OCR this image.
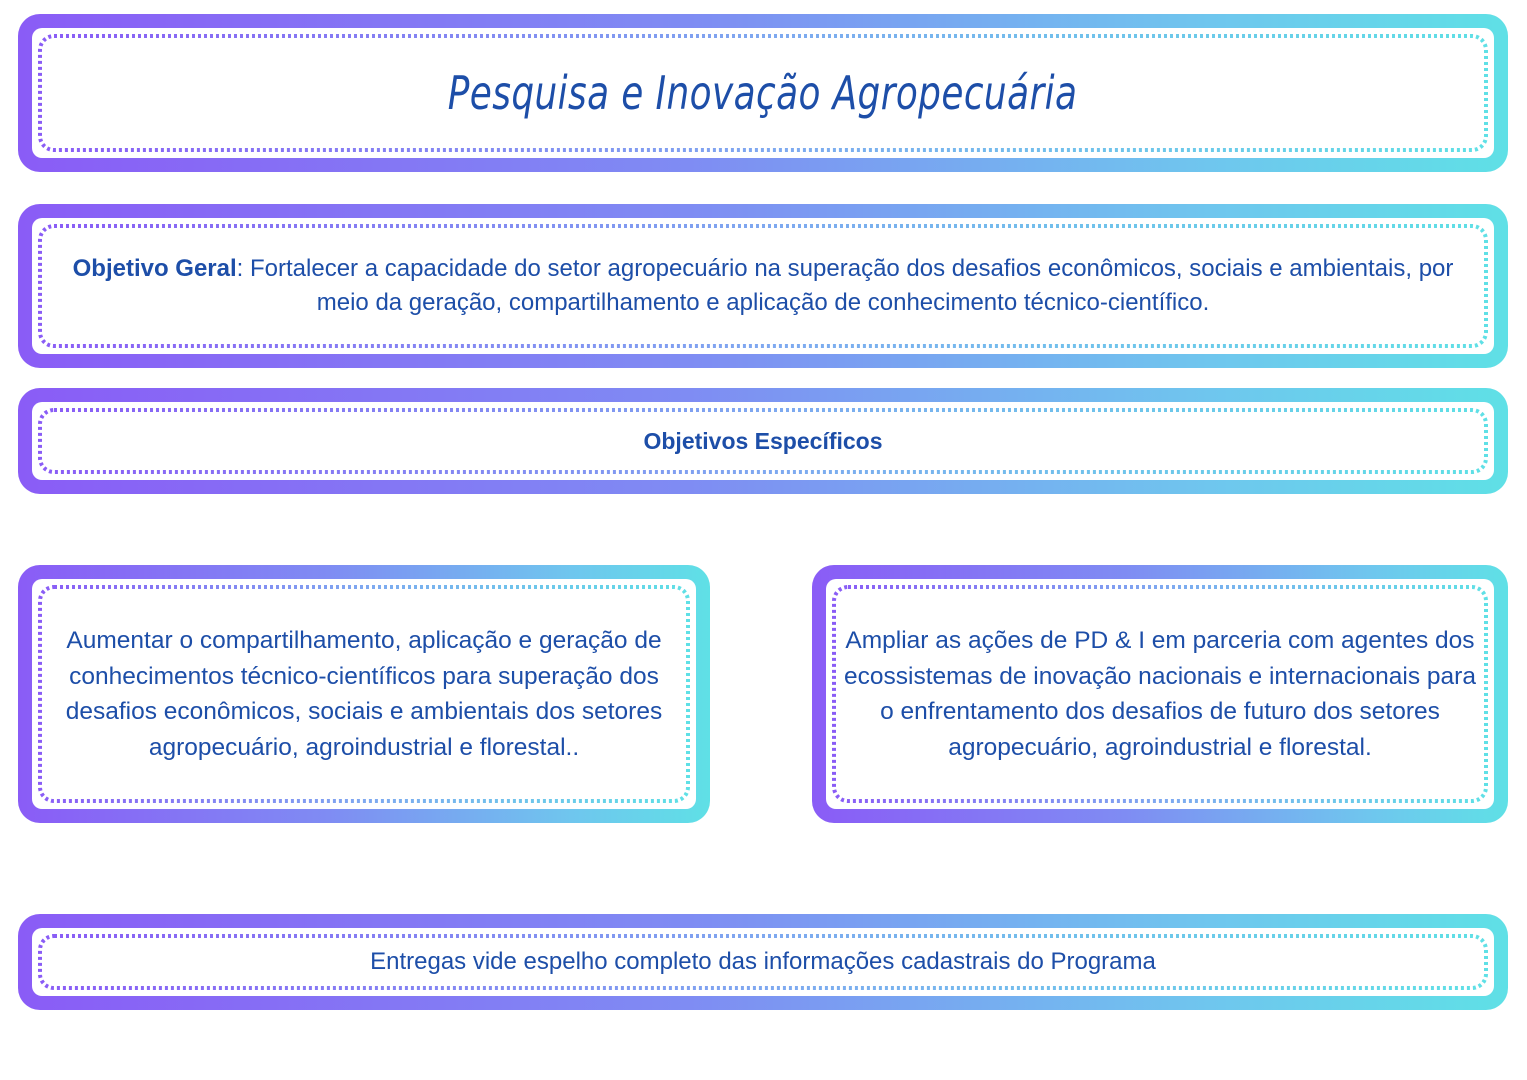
Pesquisa e Inovação Agropecuária
Objetivo Geral: Fortalecer a capacidade do setor agropecuário na superação dos desafios econômicos, sociais e ambientais, por meio da geração, compartilhamento e aplicação de conhecimento técnico-científico.
Objetivos Específicos
Aumentar o compartilhamento, aplicação e geração de conhecimentos técnico-científicos para superação dos desafios econômicos, sociais e ambientais dos setores agropecuário, agroindustrial e florestal..
Ampliar as ações de PD & I em parceria com agentes dos ecossistemas de inovação nacionais e internacionais para o enfrentamento dos desafios de futuro dos setores agropecuário, agroindustrial e florestal.
Entregas vide espelho completo das informações cadastrais do Programa
